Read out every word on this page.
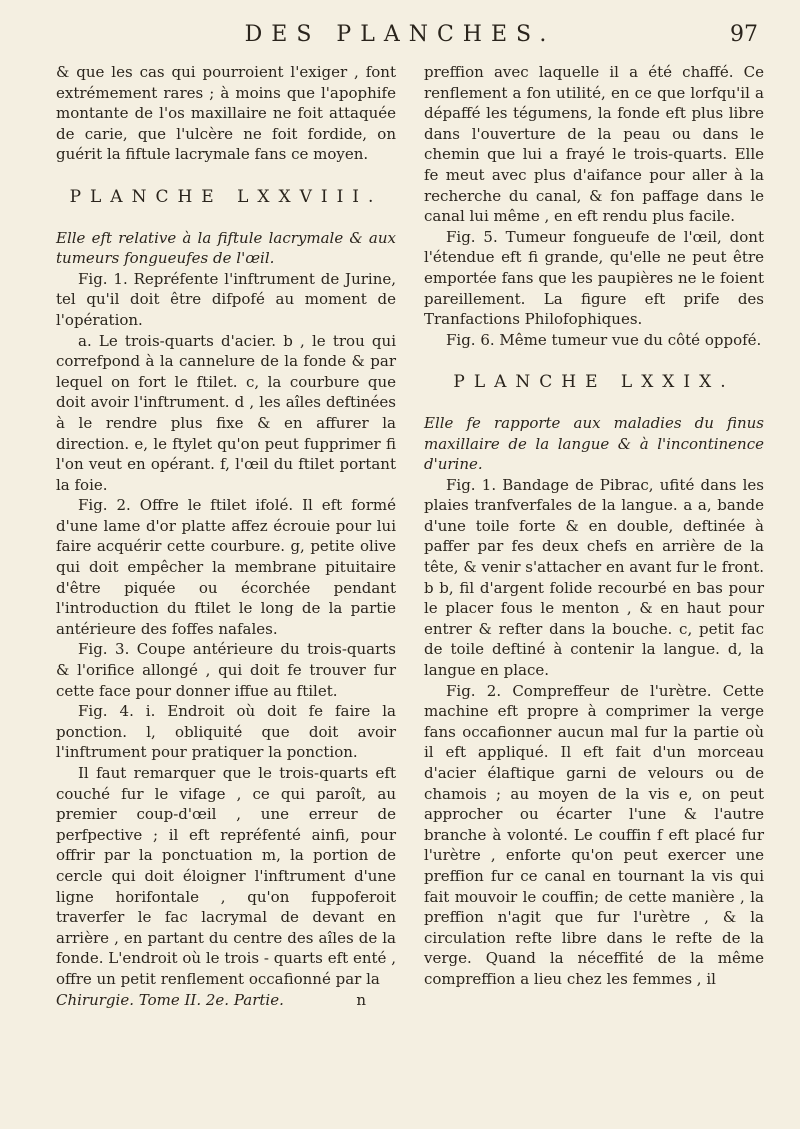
DES PLANCHES.	97

& que les cas qui pourroient l'exiger , font extrémement rares ; à moins que l'apophife montante de l'os maxillaire ne foit attaquée de carie, que l'ulcère ne foit fordide, on guérit la fiftule lacrymale fans ce moyen.

PLANCHE LXXVIII.

Elle eft relative à la fiftule lacrymale & aux tumeurs fongueufes de l'œil.

Fig. 1. Repréfente l'inftrument de Jurine, tel qu'il doit être difpofé au moment de l'opération.

a. Le trois-quarts d'acier. b , le trou qui correfpond à la cannelure de la fonde & par lequel on fort le ftilet. c, la courbure que doit avoir l'inftrument. d , les aîles deftinées à le rendre plus fixe & en affurer la direction. e, le ftylet qu'on peut fupprimer fi l'on veut en opérant. f, l'œil du ftilet portant la foie.

Fig. 2. Offre le ftilet ifolé. Il eft formé d'une lame d'or platte affez écrouie pour lui faire acquérir cette courbure. g, petite olive qui doit empêcher la membrane pituitaire d'être piquée ou écorchée pendant l'introduction du ftilet le long de la partie antérieure des foffes nafales.

Fig. 3. Coupe antérieure du trois-quarts & l'orifice allongé , qui doit fe trouver fur cette face pour donner iffue au ftilet.

Fig. 4. i. Endroit où doit fe faire la ponction. l, obliquité que doit avoir l'inftrument pour pratiquer la ponction.

Il faut remarquer que le trois-quarts eft couché fur le vifage , ce qui paroît, au premier coup-d'œil , une erreur de perfpective ; il eft repréfenté ainfi, pour offrir par la ponctuation m, la portion de cercle qui doit éloigner l'inftrument d'une ligne horifontale , qu'on fuppoferoit traverfer le fac lacrymal de devant en arrière , en partant du centre des aîles de la fonde. L'endroit où le trois - quarts eft enté , offre un petit renflement occafionné par la

Chirurgie. Tome II. 2e. Partie.	n

preffion avec laquelle il a été chaffé. Ce renflement a fon utilité, en ce que lorfqu'il a dépaffé les tégumens, la fonde eft plus libre dans l'ouverture de la peau ou dans le chemin que lui a frayé le trois-quarts. Elle fe meut avec plus d'aifance pour aller à la recherche du canal, & fon paffage dans le canal lui même , en eft rendu plus facile.

Fig. 5. Tumeur fongueufe de l'œil, dont l'étendue eft fi grande, qu'elle ne peut être emportée fans que les paupières ne le foient pareillement. La figure eft prife des Tranfactions Philofophiques.

Fig. 6. Même tumeur vue du côté oppofé.

PLANCHE LXXIX.

Elle fe rapporte aux maladies du finus maxillaire de la langue & à l'incontinence d'urine.

Fig. 1. Bandage de Pibrac, ufité dans les plaies tranfverfales de la langue. a a, bande d'une toile forte & en double, deftinée à paffer par fes deux chefs en arrière de la tête, & venir s'attacher en avant fur le front. b b, fil d'argent folide recourbé en bas pour le placer fous le menton , & en haut pour entrer & refter dans la bouche. c, petit fac de toile deftiné à contenir la langue. d, la langue en place.

Fig. 2. Compreffeur de l'urètre. Cette machine eft propre à comprimer la verge fans occafionner aucun mal fur la partie où il eft appliqué. Il eft fait d'un morceau d'acier élaftique garni de velours ou de chamois ; au moyen de la vis e, on peut approcher ou écarter l'une & l'autre branche à volonté. Le couffin f eft placé fur l'urètre , enforte qu'on peut exercer une preffion fur ce canal en tournant la vis qui fait mouvoir le couffin; de cette manière , la preffion n'agit que fur l'urètre , & la circulation refte libre dans le refte de la verge. Quand la néceffité de la même compreffion a lieu chez les femmes , il
